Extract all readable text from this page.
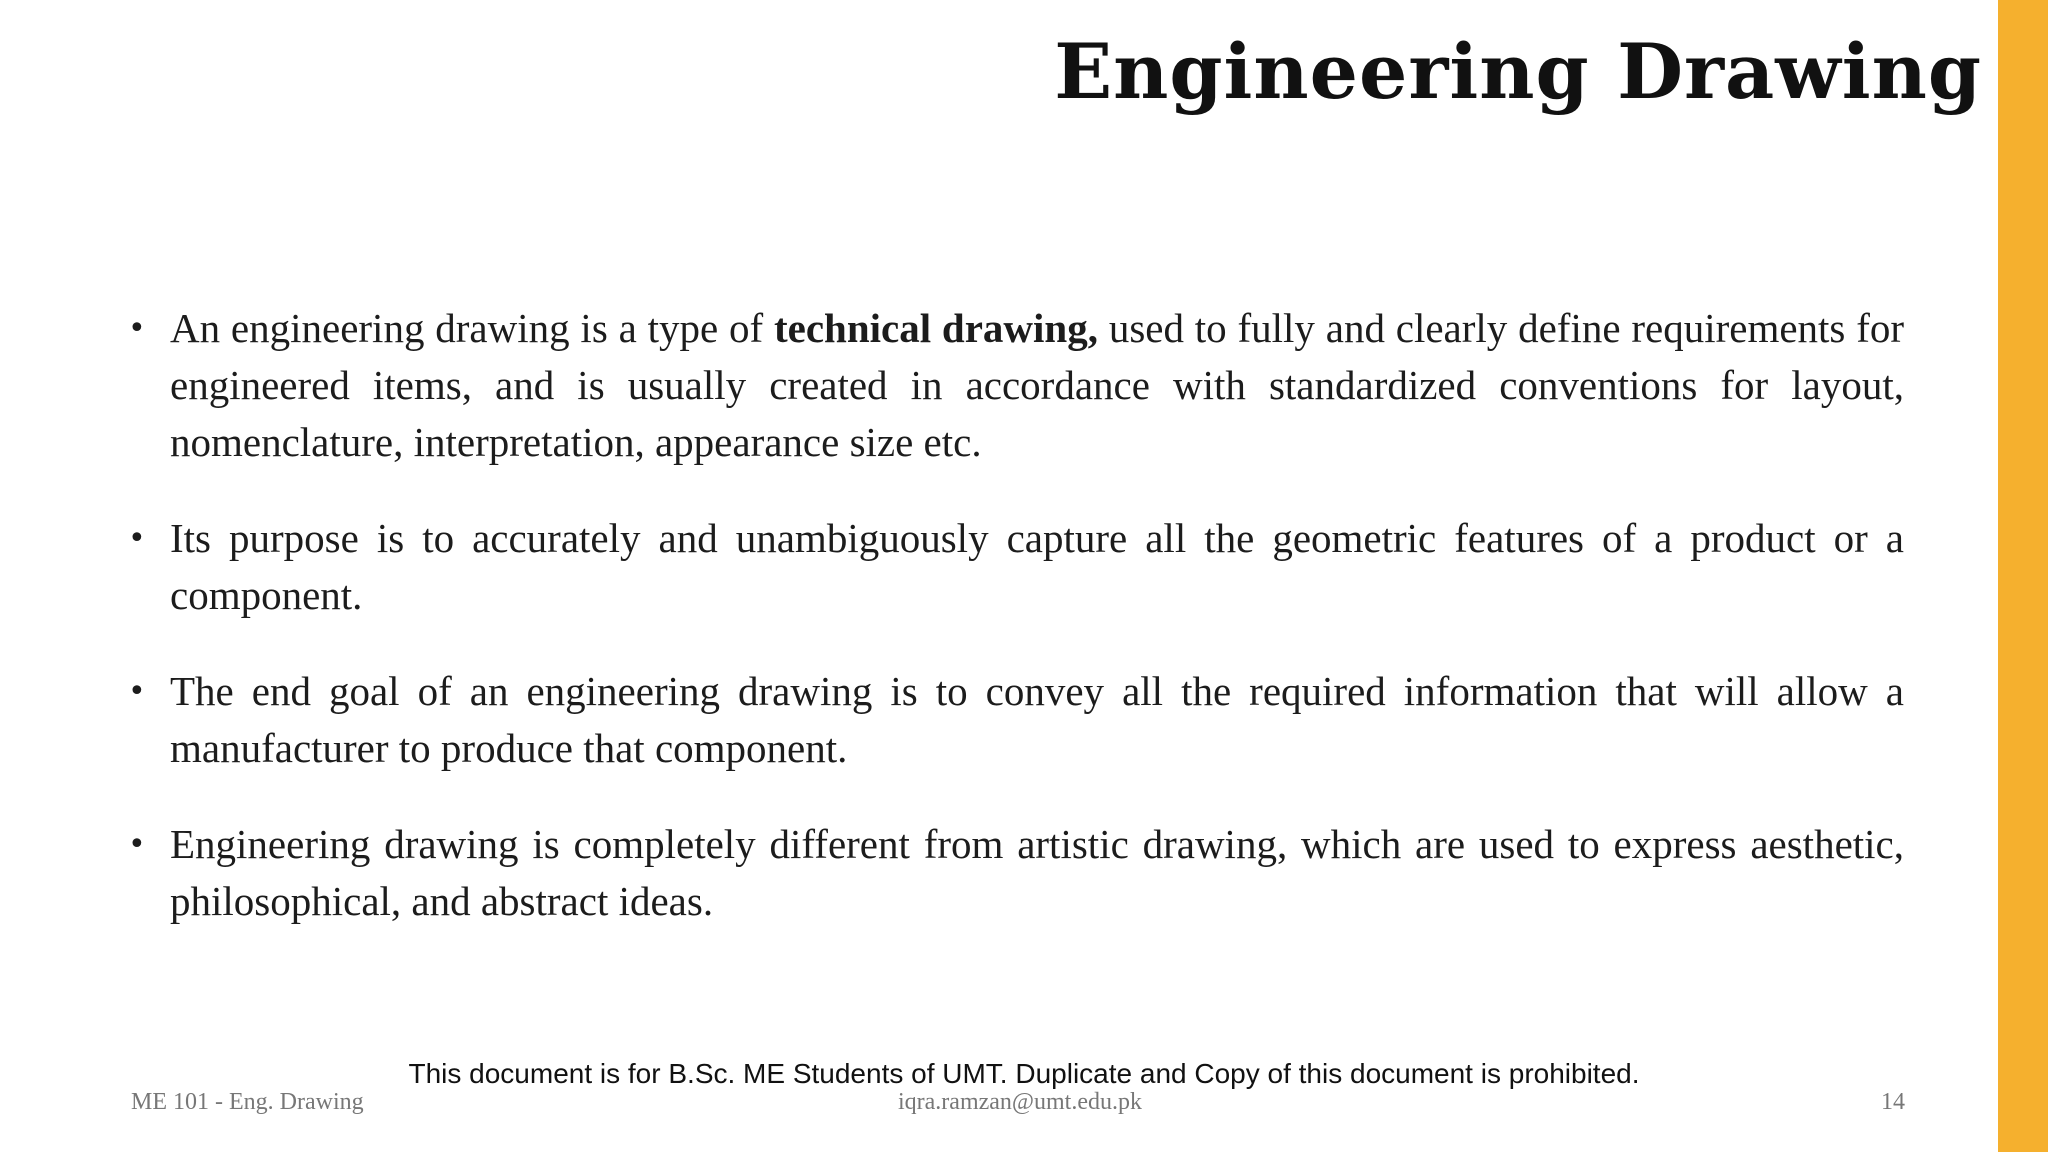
Engineering Drawing
• An engineering drawing is a type of technical drawing, used to fully and clearly define requirements for engineered items, and is usually created in accordance with standardized conventions for layout, nomenclature, interpretation, appearance size etc.
• Its purpose is to accurately and unambiguously capture all the geometric features of a product or a component.
• The end goal of an engineering drawing is to convey all the required information that will allow a manufacturer to produce that component.
• Engineering drawing is completely different from artistic drawing, which are used to express aesthetic, philosophical, and abstract ideas.
This document is for B.Sc. ME Students of UMT. Duplicate and Copy of this document is prohibited.
ME 101 - Eng. Drawing	iqra.ramzan@umt.edu.pk	14
